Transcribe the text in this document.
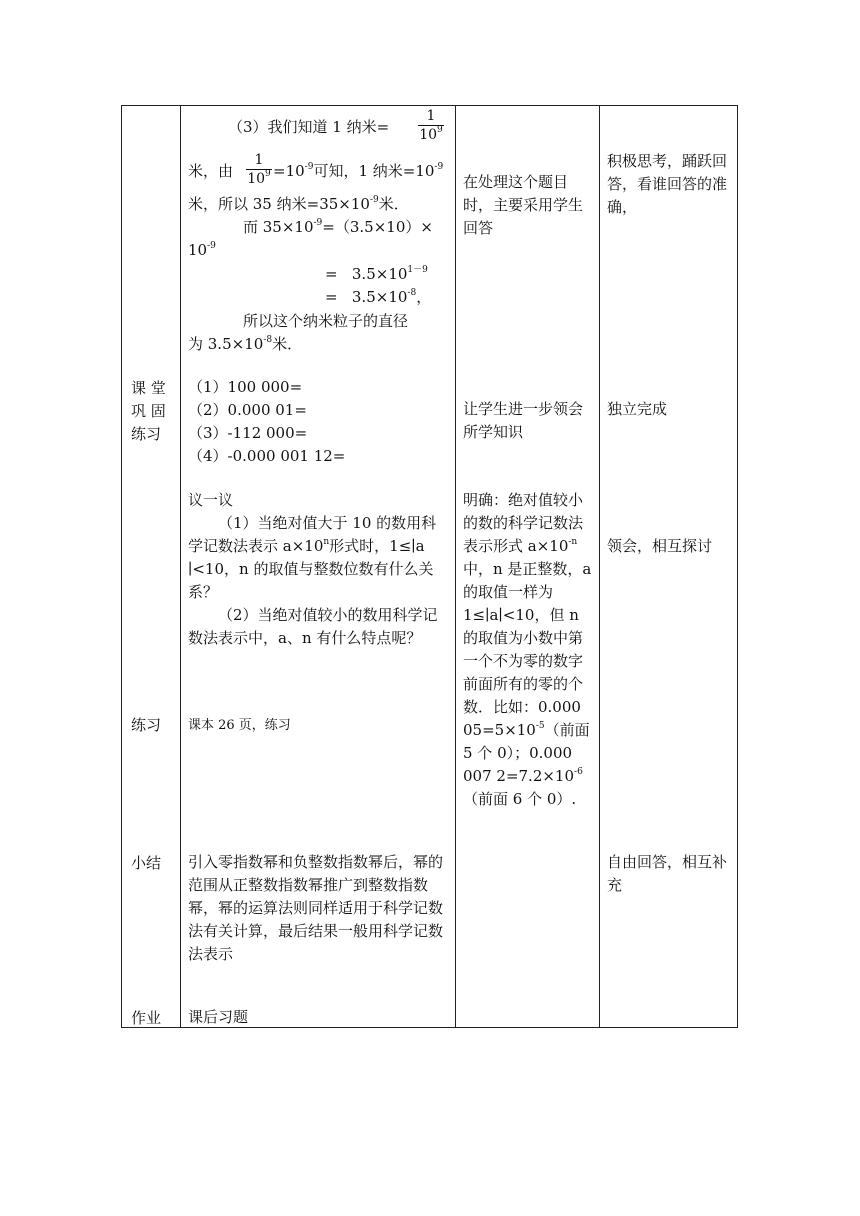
课 堂
巩 固
练习
练习
小结
作业
（3）我们知道 1 纳米=
1
$10^9$
米，由
1
$10^9 =10^{-9}$可知，1 纳米$=10^{-9}$
米，所以 35 纳米$=35\times 10^{-9}$米．
而 $35\times 10^{-9}=(3.5\times 10)\times$
$10^{-9}$
= $3.5\times 10^{1-9}$
= $3.5\times 10^{-8}$，
所以这个纳米粒子的直径
为 $3.5\times 10^{-8}$米．
（1）100 000=
（2）0.000 01=
（3）-112 000=
（4）-0.000 001 12=
议一议
（1）当绝对值大于 10 的数用科学记数法表示 $a\times 10^n$形式时，1≤∣a ∣<10，n 的取值与整数位数有什么关系？
（2）当绝对值较小的数用科学记数法表示中，a、n 有什么特点呢？
课本 26 页，练习
引入零指数幂和负整数指数幂后，幂的范围从正整数指数幂推广到整数指数幂，幂的运算法则同样适用于科学记数法有关计算，最后结果一般用科学记数法表示
课后习题
在处理这个题目时，主要采用学生回答
让学生进一步领会所学知识
明确：绝对值较小的数的科学记数法表示形式 $a\times 10^{-n}$中，n 是正整数，a 的取值一样为 1≤∣a∣<10，但 n 的取值为小数中第一个不为零的数字前面所有的零的个数．比如：0.000 $05=5\times 10^{-5}$（前面 5 个 0）；0.000 007 $2=7.2\times 10^{-6}$（前面 6 个 0）.
积极思考，踊跃回答，看谁回答的准确，
独立完成
领会，相互探讨
自由回答，相互补充
